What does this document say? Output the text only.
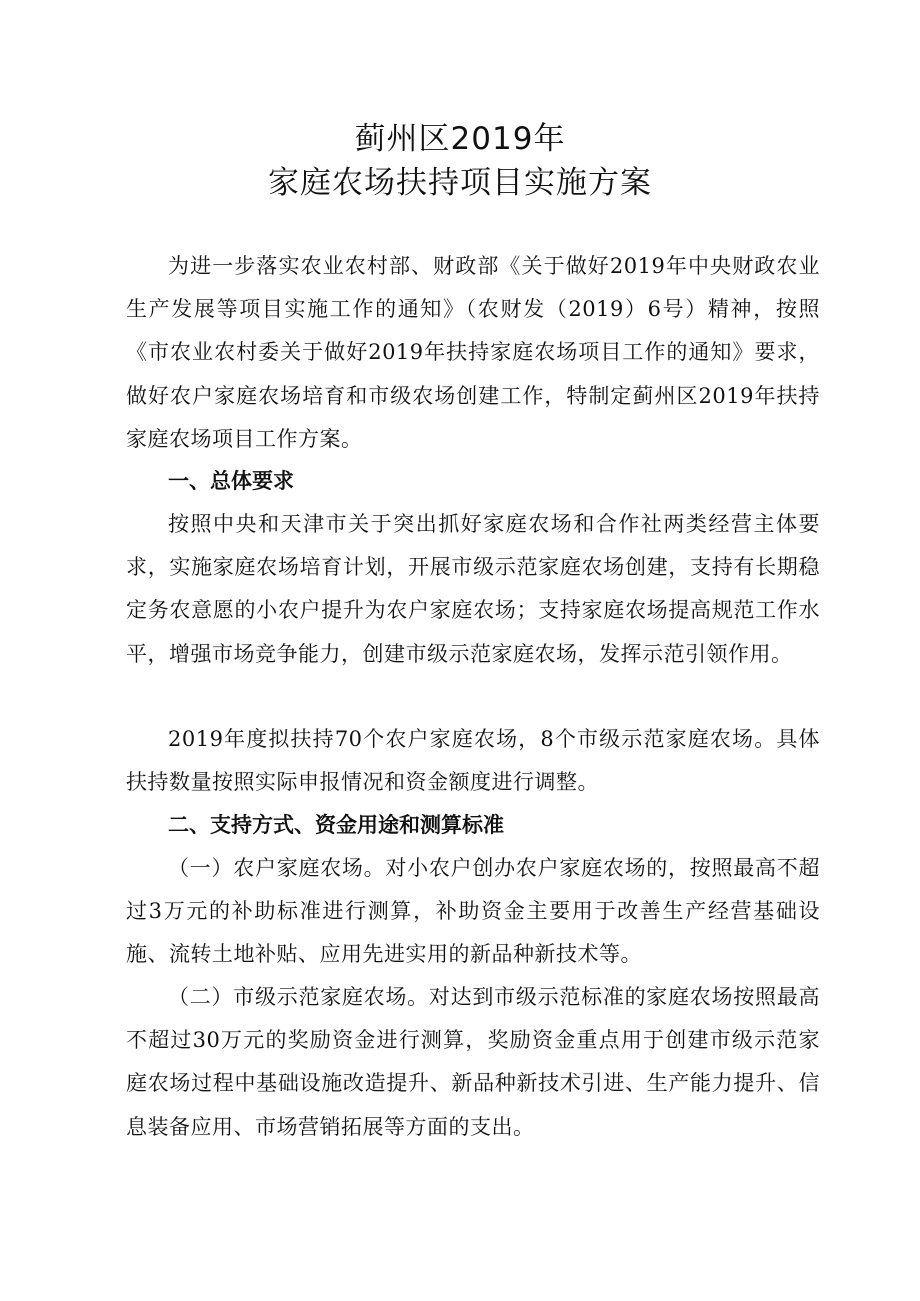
蓟州区2019年
家庭农场扶持项目实施方案

为进一步落实农业农村部、财政部《关于做好2019年中央财政农业生产发展等项目实施工作的通知》（农财发（2019）6号）精神，按照《市农业农村委关于做好2019年扶持家庭农场项目工作的通知》要求，做好农户家庭农场培育和市级农场创建工作，特制定蓟州区2019年扶持家庭农场项目工作方案。

一、总体要求

按照中央和天津市关于突出抓好家庭农场和合作社两类经营主体要求，实施家庭农场培育计划，开展市级示范家庭农场创建，支持有长期稳定务农意愿的小农户提升为农户家庭农场；支持家庭农场提高规范工作水平，增强市场竞争能力，创建市级示范家庭农场，发挥示范引领作用。

2019年度拟扶持70个农户家庭农场，8个市级示范家庭农场。具体扶持数量按照实际申报情况和资金额度进行调整。

二、支持方式、资金用途和测算标准

（一）农户家庭农场。对小农户创办农户家庭农场的，按照最高不超过3万元的补助标准进行测算，补助资金主要用于改善生产经营基础设施、流转土地补贴、应用先进实用的新品种新技术等。

（二）市级示范家庭农场。对达到市级示范标准的家庭农场按照最高不超过30万元的奖励资金进行测算，奖励资金重点用于创建市级示范家庭农场过程中基础设施改造提升、新品种新技术引进、生产能力提升、信息装备应用、市场营销拓展等方面的支出。
